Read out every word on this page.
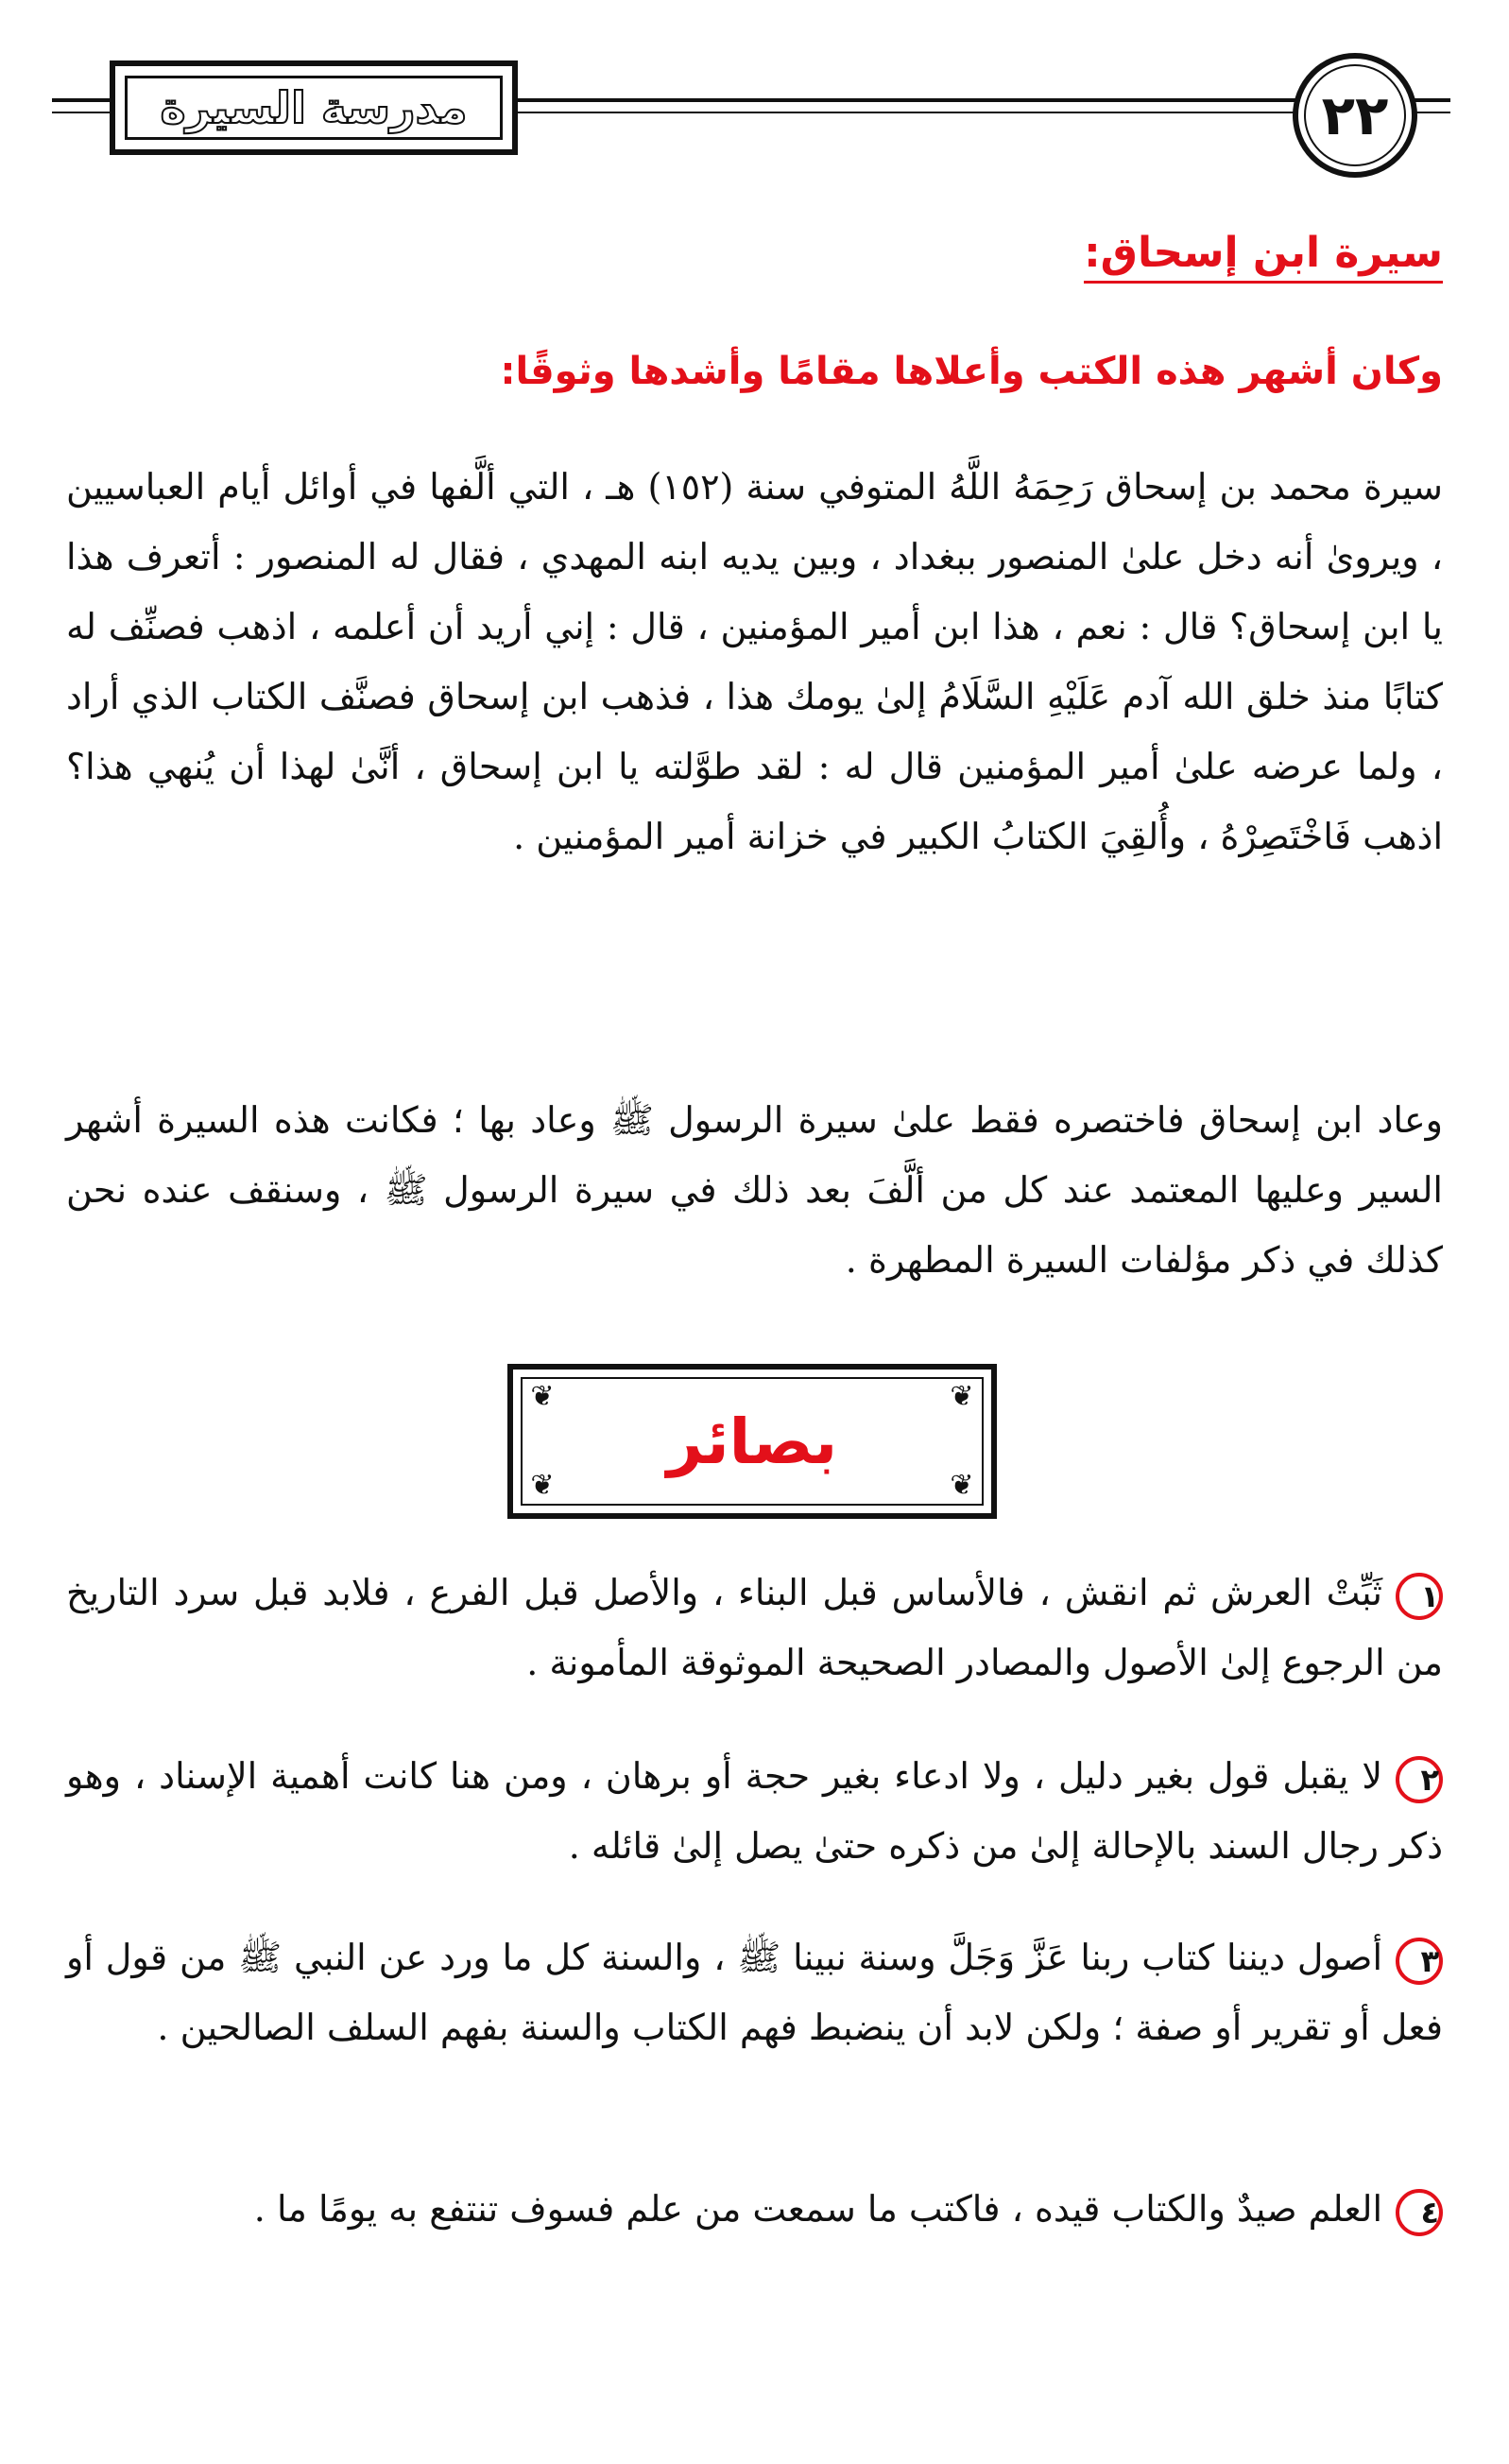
مدرسة السيرة	٢٢
سيرة ابن إسحاق:
وكان أشهر هذه الكتب وأعلاها مقامًا وأشدها وثوقًا:
سيرة محمد بن إسحاق رَحِمَهُ اللَّهُ المتوفي سنة (١٥٢) هـ ، التي ألَّفها في أوائل أيام العباسيين ، ويروىٰ أنه دخل علىٰ المنصور ببغداد ، وبين يديه ابنه المهدي ، فقال له المنصور : أتعرف هذا يا ابن إسحاق؟ قال : نعم ، هذا ابن أمير المؤمنين ، قال : إني أريد أن أعلمه ، اذهب فصنِّف له كتابًا منذ خلق الله آدم عَلَيْهِ السَّلَامُ إلىٰ يومك هذا ، فذهب ابن إسحاق فصنَّف الكتاب الذي أراد ، ولما عرضه علىٰ أمير المؤمنين قال له : لقد طوَّلته يا ابن إسحاق ، أنَّىٰ لهذا أن يُنهي هذا؟ اذهب فَاخْتَصِرْهُ ، وأُلقِيَ الكتابُ الكبير في خزانة أمير المؤمنين .
وعاد ابن إسحاق فاختصره فقط علىٰ سيرة الرسول ﷺ وعاد بها ؛ فكانت هذه السيرة أشهر السير وعليها المعتمد عند كل من ألَّفَ بعد ذلك في سيرة الرسول ﷺ ، وسنقف عنده نحن كذلك في ذكر مؤلفات السيرة المطهرة .
❦	❦
❦	❦
بصائر
١ثَبِّتْ العرش ثم انقش ، فالأساس قبل البناء ، والأصل قبل الفرع ، فلابد قبل سرد التاريخ من الرجوع إلىٰ الأصول والمصادر الصحيحة الموثوقة المأمونة .
٢لا يقبل قول بغير دليل ، ولا ادعاء بغير حجة أو برهان ، ومن هنا كانت أهمية الإسناد ، وهو ذكر رجال السند بالإحالة إلىٰ من ذكره حتىٰ يصل إلىٰ قائله .
٣أصول ديننا كتاب ربنا عَزَّ وَجَلَّ وسنة نبينا ﷺ ، والسنة كل ما ورد عن النبي ﷺ من قول أو فعل أو تقرير أو صفة ؛ ولكن لابد أن ينضبط فهم الكتاب والسنة بفهم السلف الصالحين .
٤العلم صيدٌ والكتاب قيده ، فاكتب ما سمعت من علم فسوف تنتفع به يومًا ما .
